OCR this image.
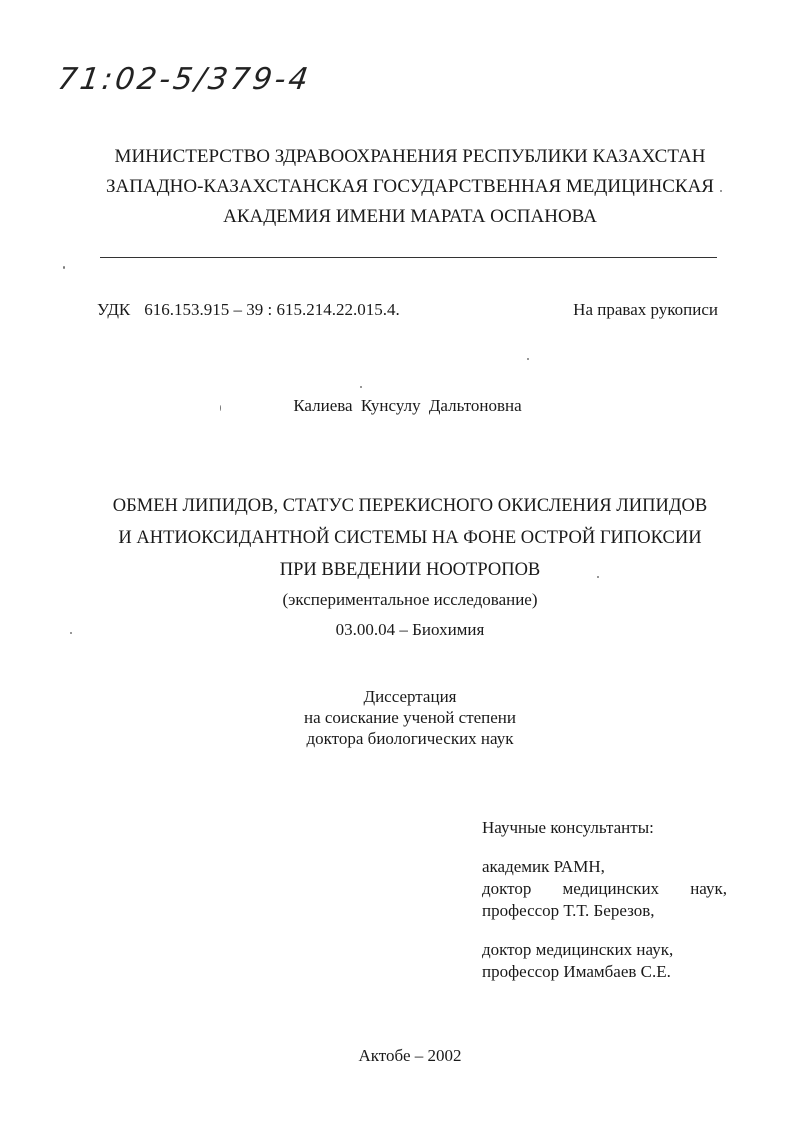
71:02-5/379-4
МИНИСТЕРСТВО ЗДРАВООХРАНЕНИЯ РЕСПУБЛИКИ КАЗАХСТАН
ЗАПАДНО-КАЗАХСТАНСКАЯ ГОСУДАРСТВЕННАЯ МЕДИЦИНСКАЯ
АКАДЕМИЯ ИМЕНИ МАРАТА ОСПАНОВА
УДК 616.153.915 – 39 : 615.214.22.015.4.	На правах рукописи
Калиева Кунсулу Дальтоновна
ОБМЕН ЛИПИДОВ, СТАТУС ПЕРЕКИСНОГО ОКИСЛЕНИЯ ЛИПИДОВ
И АНТИОКСИДАНТНОЙ СИСТЕМЫ НА ФОНЕ ОСТРОЙ ГИПОКСИИ
ПРИ ВВЕДЕНИИ НООТРОПОВ
(экспериментальное исследование)
03.00.04 – Биохимия
Диссертация
на соискание ученой степени
доктора биологических наук
Научные консультанты:
академик РАМН,
доктор медицинских наук,
профессор Т.Т. Березов,
доктор медицинских наук,
профессор Имамбаев С.Е.
Актобе – 2002
